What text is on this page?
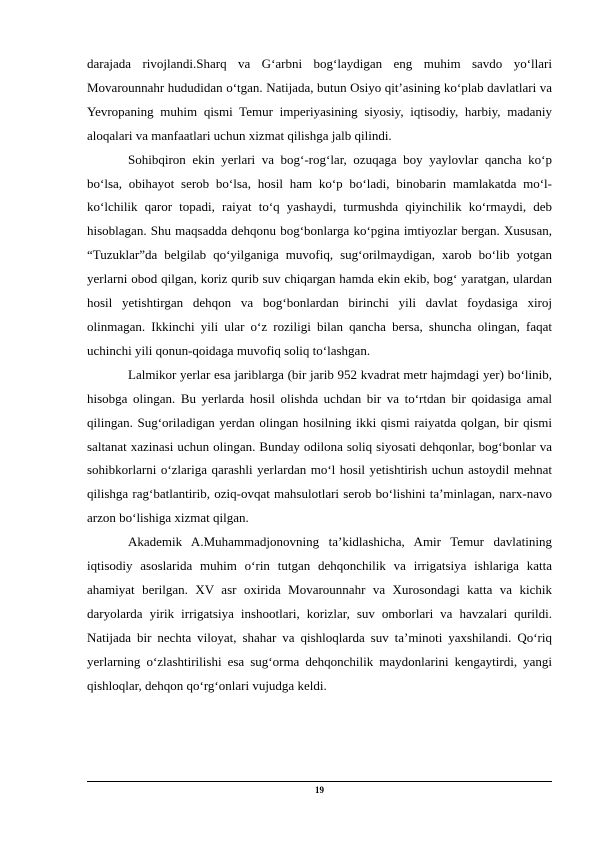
darajada rivojlandi.Sharq va G‘arbni bog‘laydigan eng muhim savdo yo‘llari Movarounnahr hududidan o‘tgan. Natijada, butun Osiyo qit’asining ko‘plab davlatlari va Yevropaning muhim qismi Temur imperiyasining siyosiy, iqtisodiy, harbiy, madaniy aloqalari va manfaatlari uchun xizmat qilishga jalb qilindi.

Sohibqiron ekin yerlari va bog‘-rog‘lar, ozuqaga boy yaylovlar qancha ko‘p bo‘lsa, obihayot serob bo‘lsa, hosil ham ko‘p bo‘ladi, binobarin mamlakatda mo‘l-ko‘lchilik qaror topadi, raiyat to‘q yashaydi, turmushda qiyinchilik ko‘rmaydi, deb hisoblagan. Shu maqsadda dehqonu bog‘bonlarga ko‘pgina imtiyozlar bergan. Xususan, “Tuzuklar”da belgilab qo‘yilganiga muvofiq, sug‘orilmaydigan, xarob bo‘lib yotgan yerlarni obod qilgan, koriz qurib suv chiqargan hamda ekin ekib, bog‘ yaratgan, ulardan hosil yetishtirgan dehqon va bog‘bonlardan birinchi yili davlat foydasiga xiroj olinmagan. Ikkinchi yili ular o‘z roziligi bilan qancha bersa, shuncha olingan, faqat uchinchi yili qonun-qoidaga muvofiq soliq to‘lashgan.

Lalmikor yerlar esa jariblarga (bir jarib 952 kvadrat metr hajmdagi yer) bo‘linib, hisobga olingan. Bu yerlarda hosil olishda uchdan bir va to‘rtdan bir qoidasiga amal qilingan. Sug‘oriladigan yerdan olingan hosilning ikki qismi raiyatda qolgan, bir qismi saltanat xazinasi uchun olingan. Bunday odilona soliq siyosati dehqonlar, bog‘bonlar va sohibkorlarni o‘zlariga qarashli yerlardan mo‘l hosil yetishtirish uchun astoydil mehnat qilishga rag‘batlantirib, oziq-ovqat mahsulotlari serob bo‘lishini ta’minlagan, narx-navo arzon bo‘lishiga xizmat qilgan.

Akademik A.Muhammadjonovning ta’kidlashicha, Amir Temur davlatining iqtisodiy asoslarida muhim o‘rin tutgan dehqonchilik va irrigatsiya ishlariga katta ahamiyat berilgan. XV asr oxirida Movarounnahr va Xurosondagi katta va kichik daryolarda yirik irrigatsiya inshootlari, korizlar, suv omborlari va havzalari qurildi. Natijada bir nechta viloyat, shahar va qishloqlarda suv ta’minoti yaxshilandi. Qo‘riq yerlarning o‘zlashtirilishi esa sug‘orma dehqonchilik maydonlarini kengaytirdi, yangi qishloqlar, dehqon qo‘rg‘onlari vujudga keldi.

19
